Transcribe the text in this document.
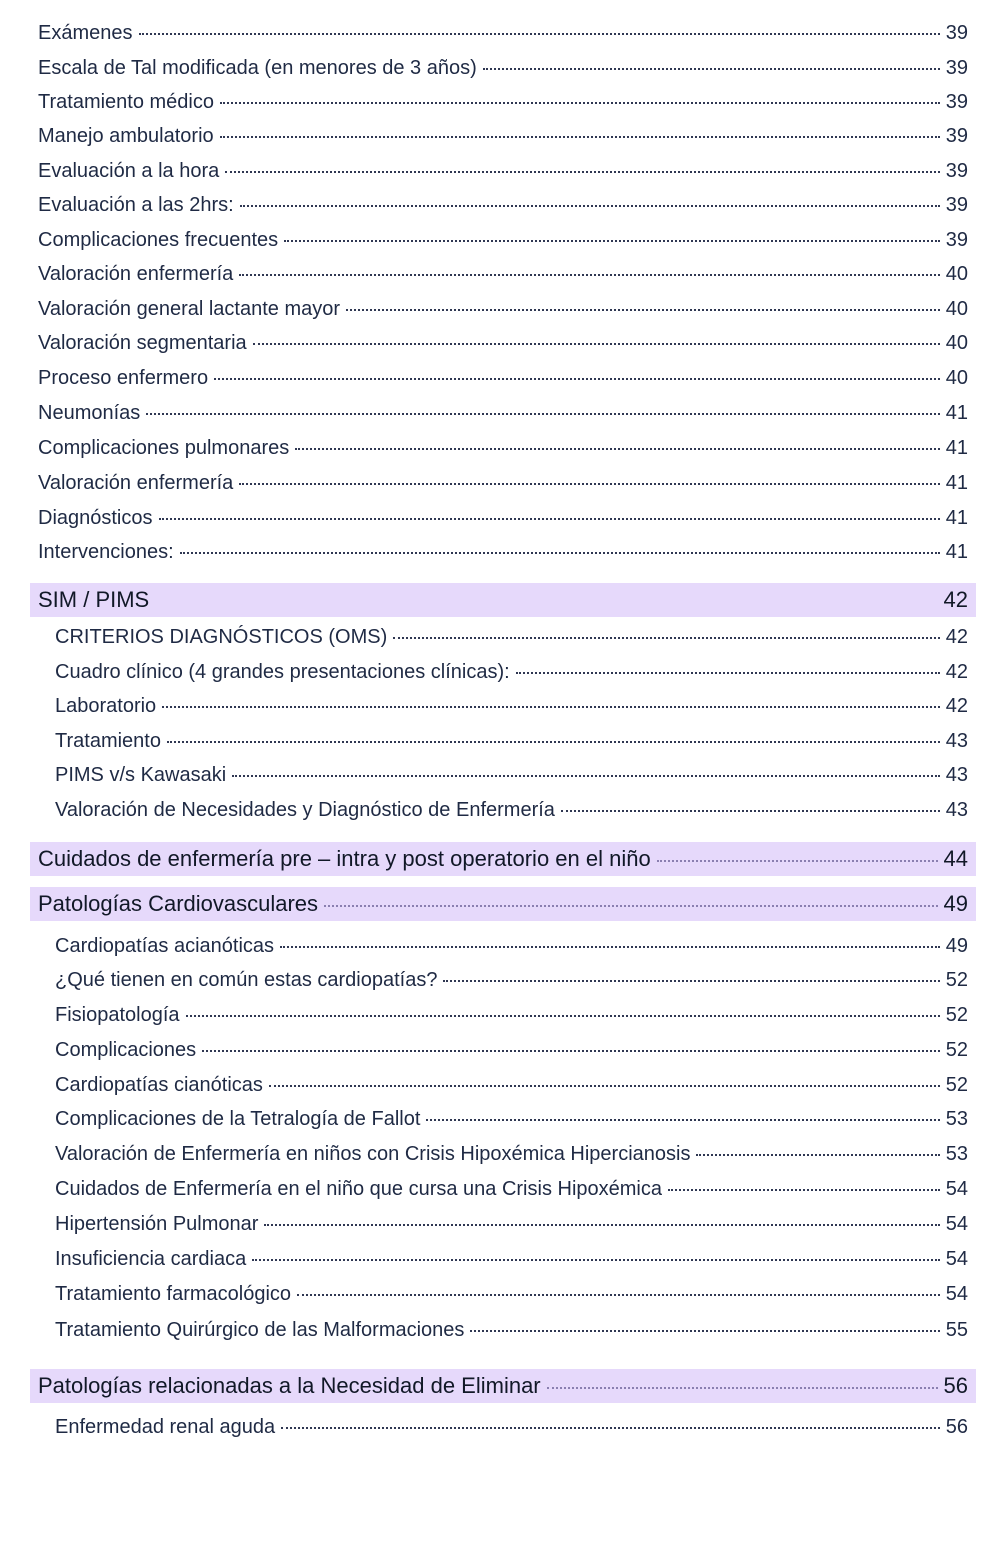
Exámenes	39
Escala de Tal modificada (en menores de 3 años)	39
Tratamiento médico	39
Manejo ambulatorio	39
Evaluación a la hora	39
Evaluación a las 2hrs:	39
Complicaciones frecuentes	39
Valoración enfermería	40
Valoración general lactante mayor	40
Valoración segmentaria	40
Proceso enfermero	40
Neumonías	41
Complicaciones pulmonares	41
Valoración enfermería	41
Diagnósticos	41
Intervenciones:	41
SIM / PIMS	42
CRITERIOS DIAGNÓSTICOS (OMS)	42
Cuadro clínico (4 grandes presentaciones clínicas):	42
Laboratorio	42
Tratamiento	43
PIMS v/s Kawasaki	43
Valoración de Necesidades y Diagnóstico de Enfermería	43
Cuidados de enfermería pre – intra y post operatorio en el niño	44
Patologías Cardiovasculares	49
Cardiopatías acianóticas	49
¿Qué tienen en común estas cardiopatías?	52
Fisiopatología	52
Complicaciones	52
Cardiopatías cianóticas	52
Complicaciones de la Tetralogía de Fallot	53
Valoración de Enfermería en niños con Crisis Hipoxémica Hipercianosis	53
Cuidados de Enfermería en el niño que cursa una Crisis Hipoxémica	54
Hipertensión Pulmonar	54
Insuficiencia cardiaca	54
Tratamiento farmacológico	54
Tratamiento Quirúrgico de las Malformaciones	55
Patologías relacionadas a la Necesidad de Eliminar	56
Enfermedad renal aguda	56
